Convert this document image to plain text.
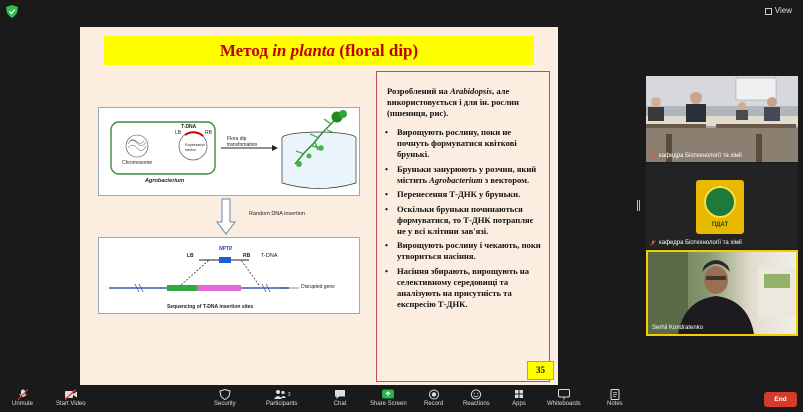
View
Метод in planta (floral dip)
Chromosome
T-DNA
LB	RB
Expression vector
Agrobacterium
Flora dip transfomation
Random DNA insertion
LB
NPTII
RB T-DNA
Disrupted gene
Sequencing of T-DNA insertion sites
Розроблений на Arabidopsis, але використовується і для ін. рослин (пшениця, рис).
• Вирощують рослину, поки не почнуть формуватися квіткові брунькі.
• Бруньки занурюють у розчин, який містить Agrobacterium з вектором.
• Перенесення Т-ДНК у бруньки.
• Оскільки бруньки починаються формуватися, то Т-ДНК потрапляє не у всі клітини зав'язі.
• Вирощують рослину і чекають, поки утвориться насіння.
• Насіння збирають, вирощують на селективному середовищі та аналізують на присутність та експресію Т-ДНК.
35
кафедра Біотехнології та хімії
ПДАТ
кафедра Біотехнології та хімії
Serhii Kondratenko
Unmute	Start Video	Security
3
Participants	Chat	Share Screen	Record	Reactions	Apps	Whiteboards	Notes
End
